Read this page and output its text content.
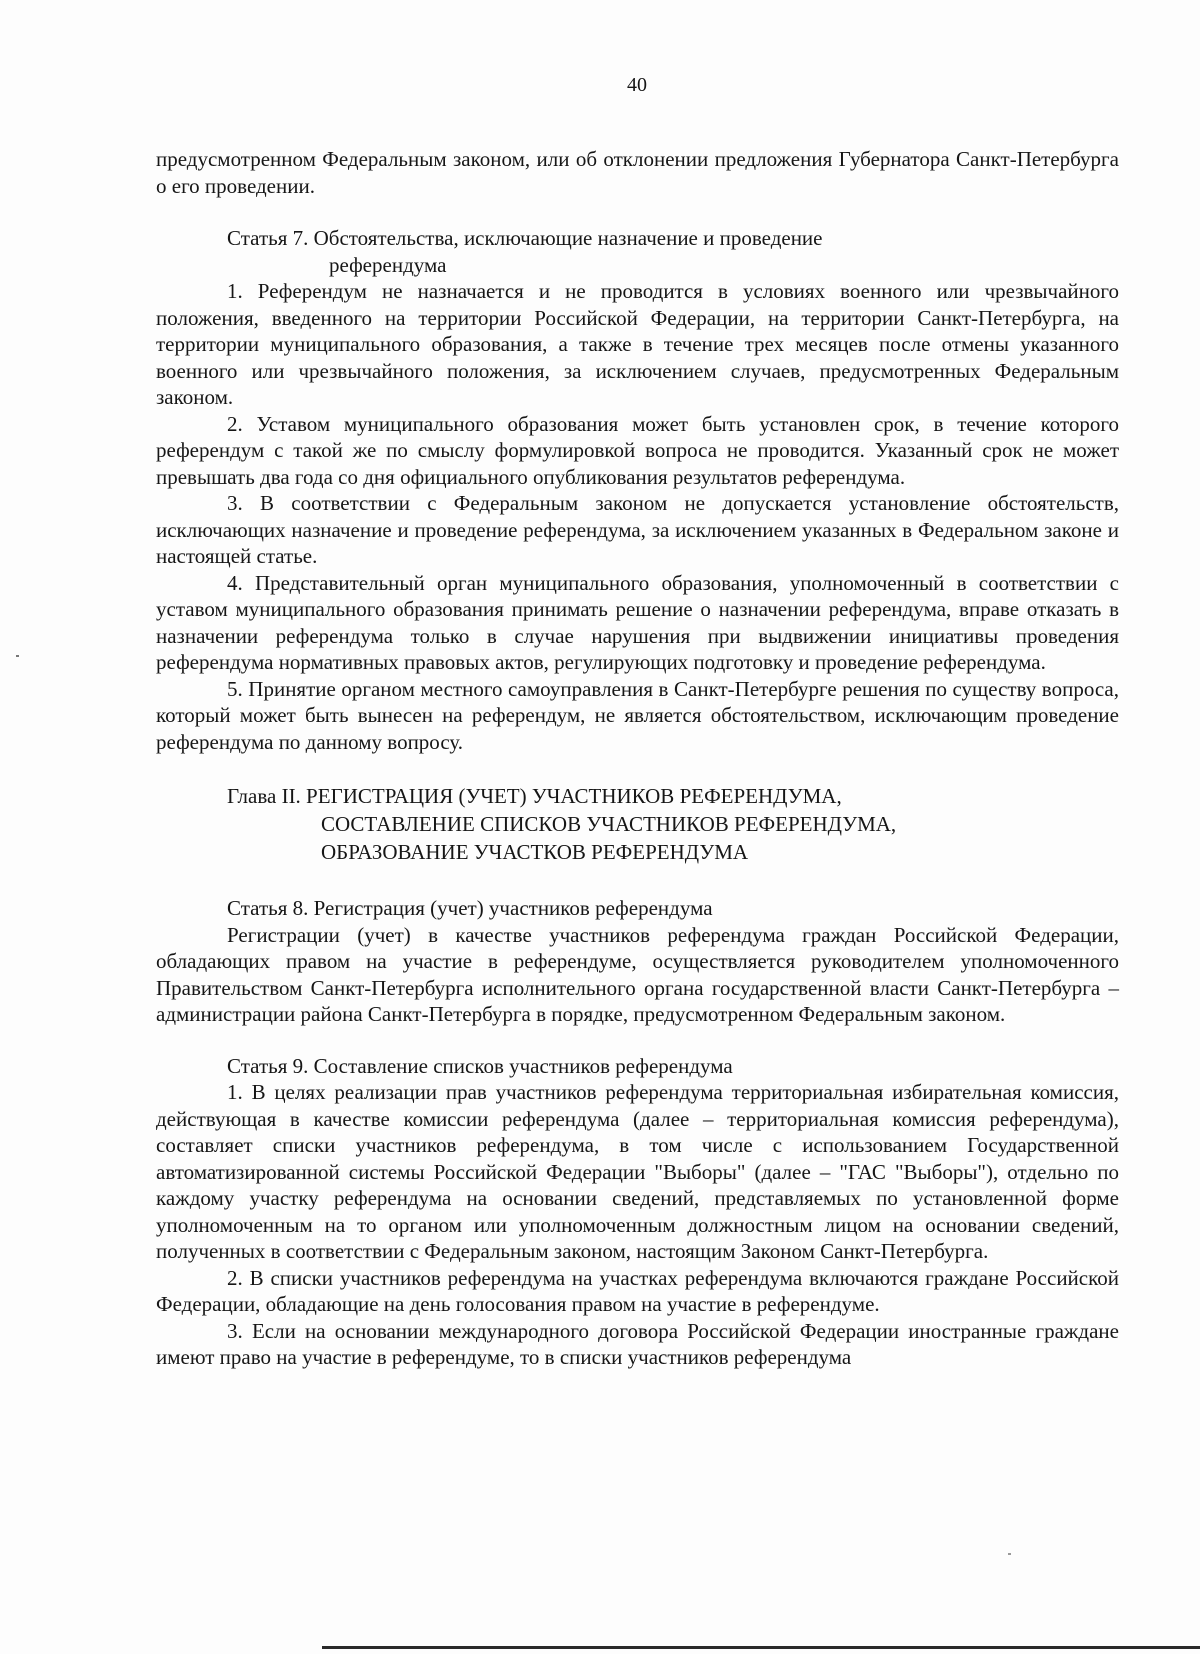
40

предусмотренном Федеральным законом, или об отклонении предложения Губернатора Санкт-Петербурга о его проведении.

Статья 7. Обстоятельства, исключающие назначение и проведение
референдума

1. Референдум не назначается и не проводится в условиях военного или чрезвычайного положения, введенного на территории Российской Федерации, на территории Санкт-Петербурга, на территории муниципального образования, а также в течение трех месяцев после отмены указанного военного или чрезвычайного положения, за исключением случаев, предусмотренных Федеральным законом.

2. Уставом муниципального образования может быть установлен срок, в течение которого референдум с такой же по смыслу формулировкой вопроса не проводится. Указанный срок не может превышать два года со дня официального опубликования результатов референдума.

3. В соответствии с Федеральным законом не допускается установление обстоятельств, исключающих назначение и проведение референдума, за исключением указанных в Федеральном законе и настоящей статье.

4. Представительный орган муниципального образования, уполномоченный в соответствии с уставом муниципального образования принимать решение о назначении референдума, вправе отказать в назначении референдума только в случае нарушения при выдвижении инициативы проведения референдума нормативных правовых актов, регулирующих подготовку и проведение референдума.

5. Принятие органом местного самоуправления в Санкт-Петербурге решения по существу вопроса, который может быть вынесен на референдум, не является обстоятельством, исключающим проведение референдума по данному вопросу.

Глава II. РЕГИСТРАЦИЯ (УЧЕТ) УЧАСТНИКОВ РЕФЕРЕНДУМА,
СОСТАВЛЕНИЕ СПИСКОВ УЧАСТНИКОВ РЕФЕРЕНДУМА,
ОБРАЗОВАНИЕ УЧАСТКОВ РЕФЕРЕНДУМА

Статья 8. Регистрация (учет) участников референдума

Регистрации (учет) в качестве участников референдума граждан Российской Федерации, обладающих правом на участие в референдуме, осуществляется руководителем уполномоченного Правительством Санкт-Петербурга исполнительного органа государственной власти Санкт-Петербурга – администрации района Санкт-Петербурга в порядке, предусмотренном Федеральным законом.

Статья 9. Составление списков участников референдума

1. В целях реализации прав участников референдума территориальная избирательная комиссия, действующая в качестве комиссии референдума (далее – территориальная комиссия референдума), составляет списки участников референдума, в том числе с использованием Государственной автоматизированной системы Российской Федерации "Выборы" (далее – "ГАС "Выборы"), отдельно по каждому участку референдума на основании сведений, представляемых по установленной форме уполномоченным на то органом или уполномоченным должностным лицом на основании сведений, полученных в соответствии с Федеральным законом, настоящим Законом Санкт-Петербурга.

2. В списки участников референдума на участках референдума включаются граждане Российской Федерации, обладающие на день голосования правом на участие в референдуме.

3. Если на основании международного договора Российской Федерации иностранные граждане имеют право на участие в референдуме, то в списки участников референдума
